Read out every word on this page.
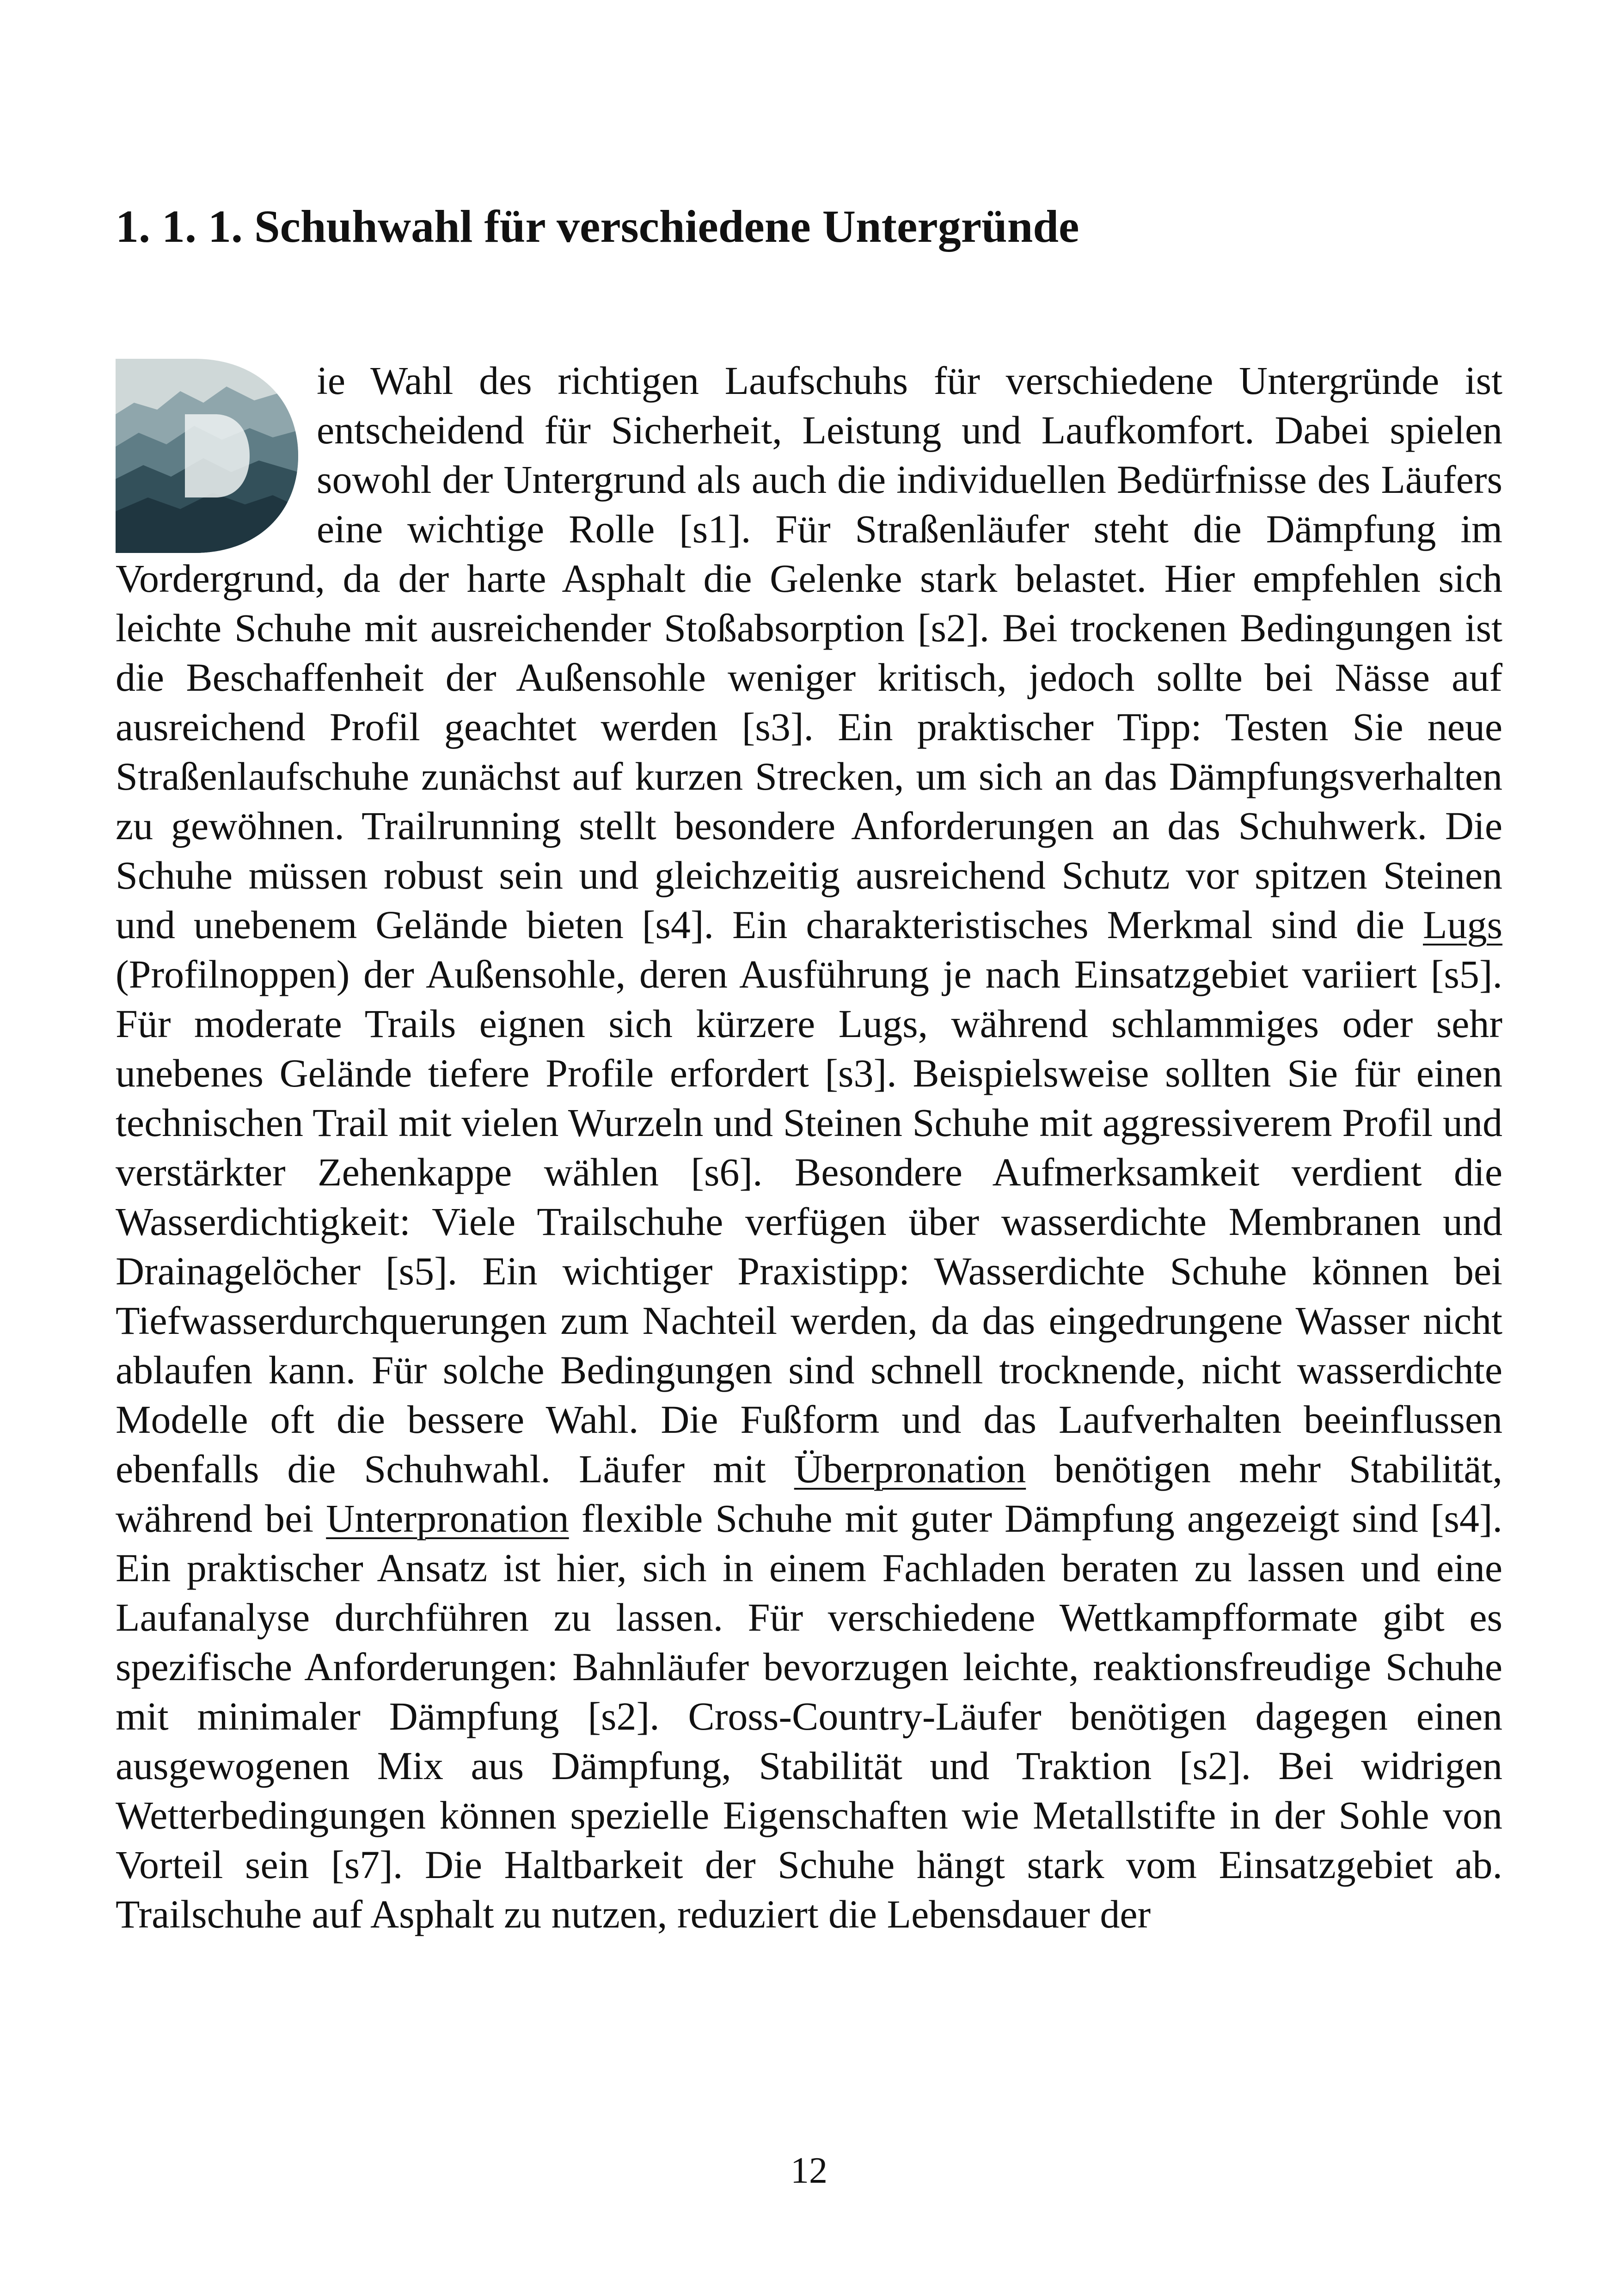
1. 1. 1. Schuhwahl für verschiedene Untergründe

ie Wahl des richtigen Laufschuhs für verschiedene Untergründe ist entscheidend für Sicherheit, Leistung und Laufkomfort. Dabei spielen sowohl der Untergrund als auch die individuellen Bedürfnisse des Läufers eine wichtige Rolle [s1]. Für Straßenläufer steht die Dämpfung im Vordergrund, da der harte Asphalt die Gelenke stark belastet. Hier empfehlen sich leichte Schuhe mit ausreichender Stoßabsorption [s2]. Bei trockenen Bedingungen ist die Beschaffenheit der Außensohle weniger kritisch, jedoch sollte bei Nässe auf ausreichend Profil geachtet werden [s3]. Ein praktischer Tipp: Testen Sie neue Straßenlaufschuhe zunächst auf kurzen Strecken, um sich an das Dämpfungsverhalten zu gewöhnen. Trailrunning stellt besondere Anforderungen an das Schuhwerk. Die Schuhe müssen robust sein und gleichzeitig ausreichend Schutz vor spitzen Steinen und unebenem Gelände bieten [s4]. Ein charakteristisches Merkmal sind die Lugs (Profilnoppen) der Außensohle, deren Ausführung je nach Einsatzgebiet variiert [s5]. Für moderate Trails eignen sich kürzere Lugs, während schlammiges oder sehr unebenes Gelände tiefere Profile erfordert [s3]. Beispielsweise sollten Sie für einen technischen Trail mit vielen Wurzeln und Steinen Schuhe mit aggressiverem Profil und verstärkter Zehenkappe wählen [s6]. Besondere Aufmerksamkeit verdient die Wasserdichtigkeit: Viele Trailschuhe verfügen über wasserdichte Membranen und Drainagelöcher [s5]. Ein wichtiger Praxistipp: Wasserdichte Schuhe können bei Tiefwasserdurchquerungen zum Nachteil werden, da das eingedrungene Wasser nicht ablaufen kann. Für solche Bedingungen sind schnell trocknende, nicht wasserdichte Modelle oft die bessere Wahl. Die Fußform und das Laufverhalten beeinflussen ebenfalls die Schuhwahl. Läufer mit Überpronation benötigen mehr Stabilität, während bei Unterpronation flexible Schuhe mit guter Dämpfung angezeigt sind [s4]. Ein praktischer Ansatz ist hier, sich in einem Fachladen beraten zu lassen und eine Laufanalyse durchführen zu lassen. Für verschiedene Wettkampfformate gibt es spezifische Anforderungen: Bahnläufer bevorzugen leichte, reaktionsfreudige Schuhe mit minimaler Dämpfung [s2]. Cross-Country-Läufer benötigen dagegen einen ausgewogenen Mix aus Dämpfung, Stabilität und Traktion [s2]. Bei widrigen Wetterbedingungen können spezielle Eigenschaften wie Metallstifte in der Sohle von Vorteil sein [s7]. Die Haltbarkeit der Schuhe hängt stark vom Einsatzgebiet ab. Trailschuhe auf Asphalt zu nutzen, reduziert die Lebensdauer der

12
